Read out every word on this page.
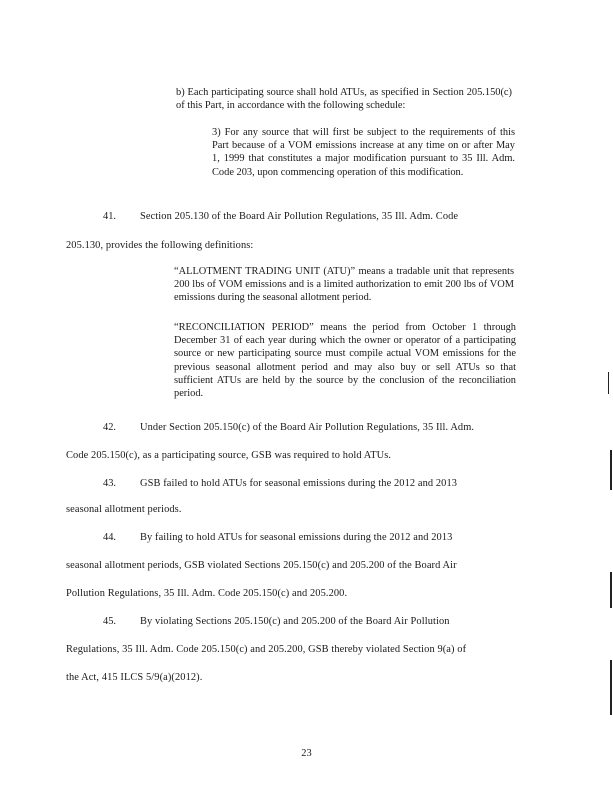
b) Each participating source shall hold ATUs, as specified in Section 205.150(c) of this Part, in accordance with the following schedule:
3) For any source that will first be subject to the requirements of this Part because of a VOM emissions increase at any time on or after May 1, 1999 that constitutes a major modification pursuant to 35 Ill. Adm. Code 203, upon commencing operation of this modification.
41. Section 205.130 of the Board Air Pollution Regulations, 35 Ill. Adm. Code
205.130, provides the following definitions:
“ALLOTMENT TRADING UNIT (ATU)” means a tradable unit that represents 200 lbs of VOM emissions and is a limited authorization to emit 200 lbs of VOM emissions during the seasonal allotment period.
“RECONCILIATION PERIOD” means the period from October 1 through December 31 of each year during which the owner or operator of a participating source or new participating source must compile actual VOM emissions for the previous seasonal allotment period and may also buy or sell ATUs so that sufficient ATUs are held by the source by the conclusion of the reconciliation period.
42. Under Section 205.150(c) of the Board Air Pollution Regulations, 35 Ill. Adm.
Code 205.150(c), as a participating source, GSB was required to hold ATUs.
43. GSB failed to hold ATUs for seasonal emissions during the 2012 and 2013
seasonal allotment periods.
44. By failing to hold ATUs for seasonal emissions during the 2012 and 2013
seasonal allotment periods, GSB violated Sections 205.150(c) and 205.200 of the Board Air
Pollution Regulations, 35 Ill. Adm. Code 205.150(c) and 205.200.
45. By violating Sections 205.150(c) and 205.200 of the Board Air Pollution
Regulations, 35 Ill. Adm. Code 205.150(c) and 205.200, GSB thereby violated Section 9(a) of
the Act, 415 ILCS 5/9(a)(2012).
23
